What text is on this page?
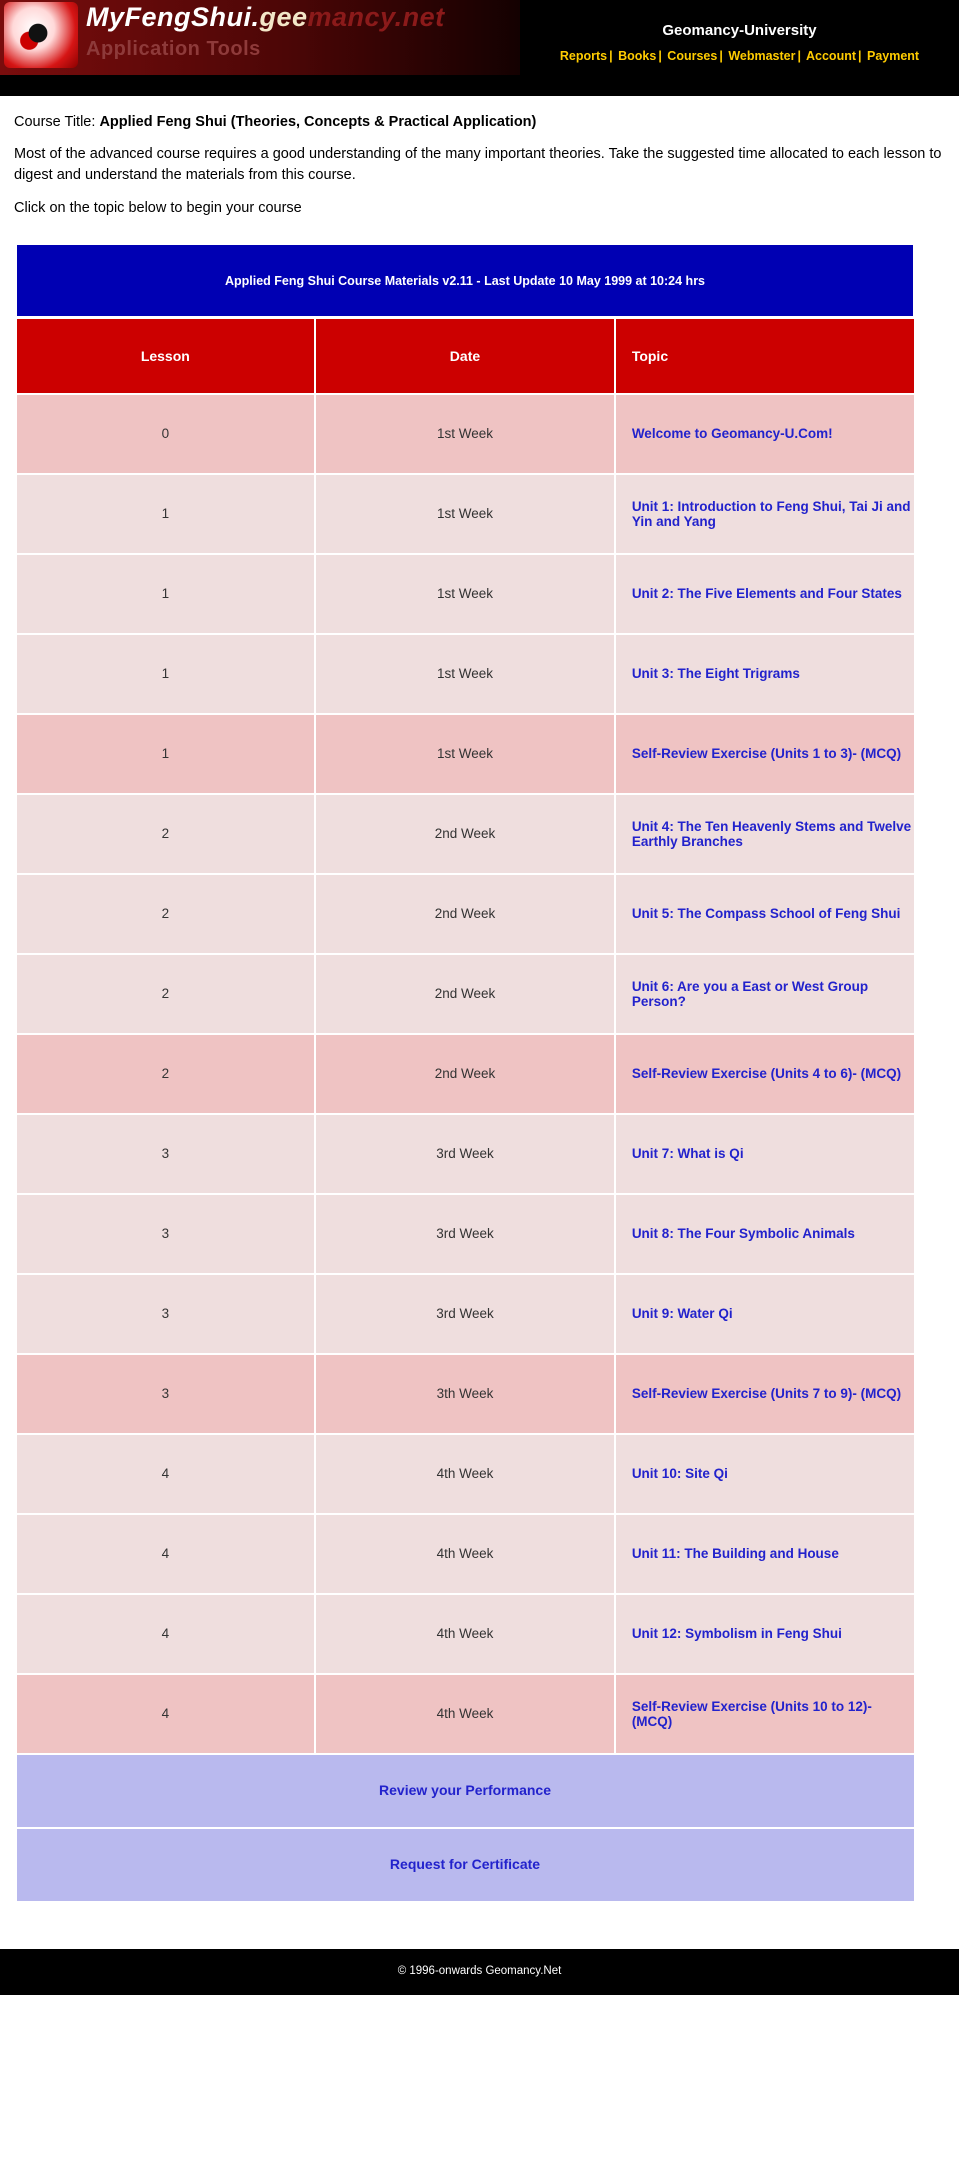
MyFengShui.geemancy.net
Application Tools
Geomancy-University
Reports | Books | Courses | Webmaster | Account | Payment
Course Title: Applied Feng Shui (Theories, Concepts & Practical Application)
Most of the advanced course requires a good understanding of the many important theories. Take the suggested time allocated to each lesson to digest and understand the materials from this course.
Click on the topic below to begin your course
Applied Feng Shui Course Materials v2.11 - Last Update 10 May 1999 at 10:24 hrs		
Lesson	Date	Topic
0	1st Week	Welcome to Geomancy-U.Com!
1	1st Week	Unit 1: Introduction to Feng Shui, Tai Ji and Yin and Yang
1	1st Week	Unit 2: The Five Elements and Four States
1	1st Week	Unit 3: The Eight Trigrams
1	1st Week	Self-Review Exercise (Units 1 to 3)- (MCQ)
2	2nd Week	Unit 4: The Ten Heavenly Stems and Twelve Earthly Branches
2	2nd Week	Unit 5: The Compass School of Feng Shui
2	2nd Week	Unit 6: Are you a East or West Group Person?
2	2nd Week	Self-Review Exercise (Units 4 to 6)- (MCQ)
3	3rd Week	Unit 7: What is Qi
3	3rd Week	Unit 8: The Four Symbolic Animals
3	3rd Week	Unit 9: Water Qi
3	3th Week	Self-Review Exercise (Units 7 to 9)- (MCQ)
4	4th Week	Unit 10: Site Qi
4	4th Week	Unit 11: The Building and House
4	4th Week	Unit 12: Symbolism in Feng Shui
4	4th Week	Self-Review Exercise (Units 10 to 12)- (MCQ)
Review your Performance		
Request for Certificate		
© 1996-onwards Geomancy.Net
